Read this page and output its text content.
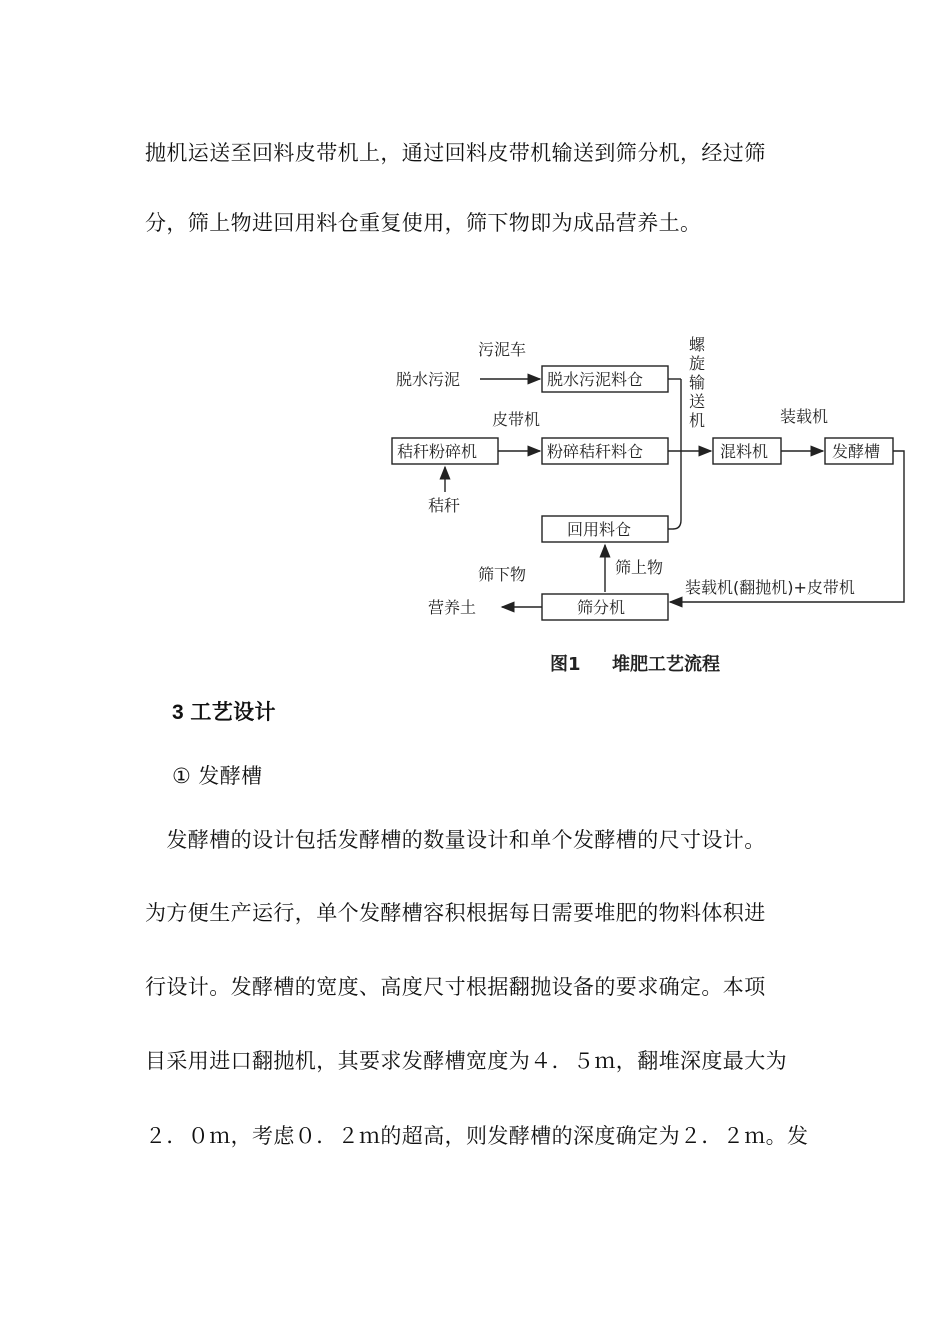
抛机运送至回料皮带机上，通过回料皮带机输送到筛分机，经过筛
分，筛上物进回用料仓重复使用，筛下物即为成品营养土。
污泥车
脱水污泥	脱水污泥料仓
螺
旋
输
送
机
皮带机	装载机
秸秆粉碎机	粉碎秸秆料仓	混料机	发酵槽
秸秆
回用料仓
筛上物
筛下物
装载机(翻抛机)+皮带机
筛分机
营养土
图1 堆肥工艺流程
3 工艺设计
① 发酵槽
　发酵槽的设计包括发酵槽的数量设计和单个发酵槽的尺寸设计。
为方便生产运行，单个发酵槽容积根据每日需要堆肥的物料体积进
行设计。发酵槽的宽度、高度尺寸根据翻抛设备的要求确定。本项
目采用进口翻抛机，其要求发酵槽宽度为４．５ｍ，翻堆深度最大为
２．０ｍ，考虑０．２ｍ的超高，则发酵槽的深度确定为２．２ｍ。发
